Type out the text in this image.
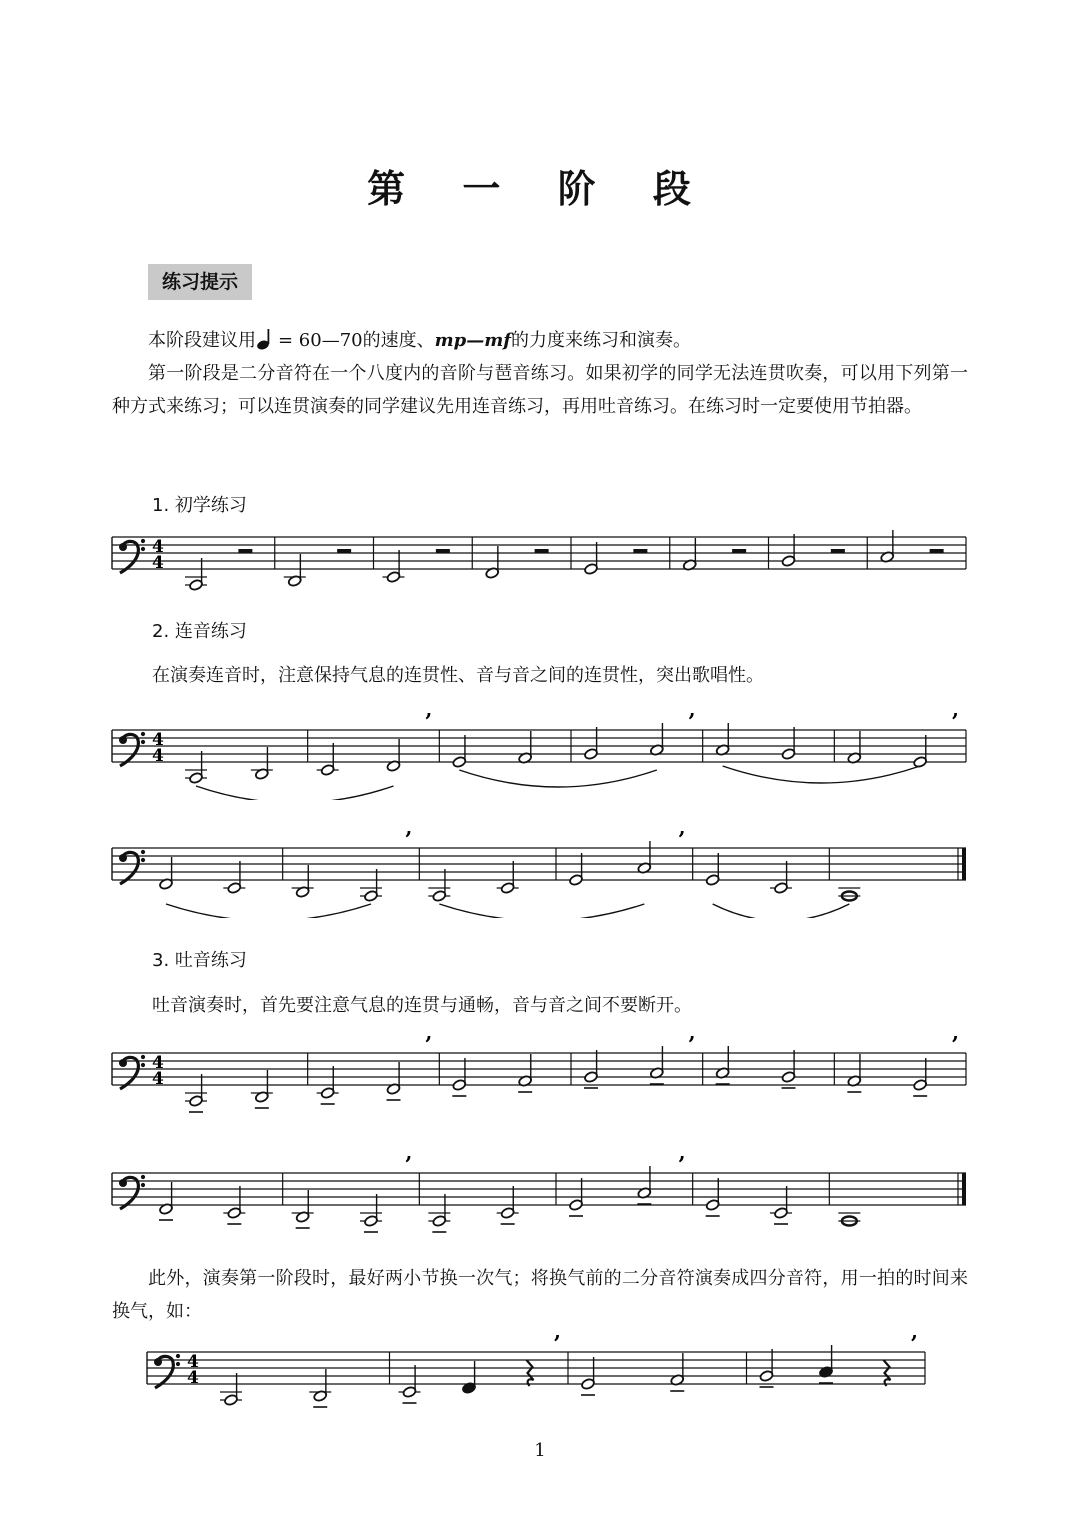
第 一 阶 段
练习提示
本阶段建议用 = 60—70的速度、mp—mf的力度来练习和演奏。
第一阶段是二分音符在一个八度内的音阶与琶音练习。如果初学的同学无法连贯吹奏，可以用下列第一种方式来练习；可以连贯演奏的同学建议先用连音练习，再用吐音练习。在练习时一定要使用节拍器。
1. 初学练习
4
4
2. 连音练习
在演奏连音时，注意保持气息的连贯性、音与音之间的连贯性，突出歌唱性。
4
4
,	,	,
,	,
3. 吐音练习
吐音演奏时，首先要注意气息的连贯与通畅，音与音之间不要断开。
4
4
,	,	,
,	,
此外，演奏第一阶段时，最好两小节换一次气；将换气前的二分音符演奏成四分音符，用一拍的时间来换气，如：
4
4
,	,
1
